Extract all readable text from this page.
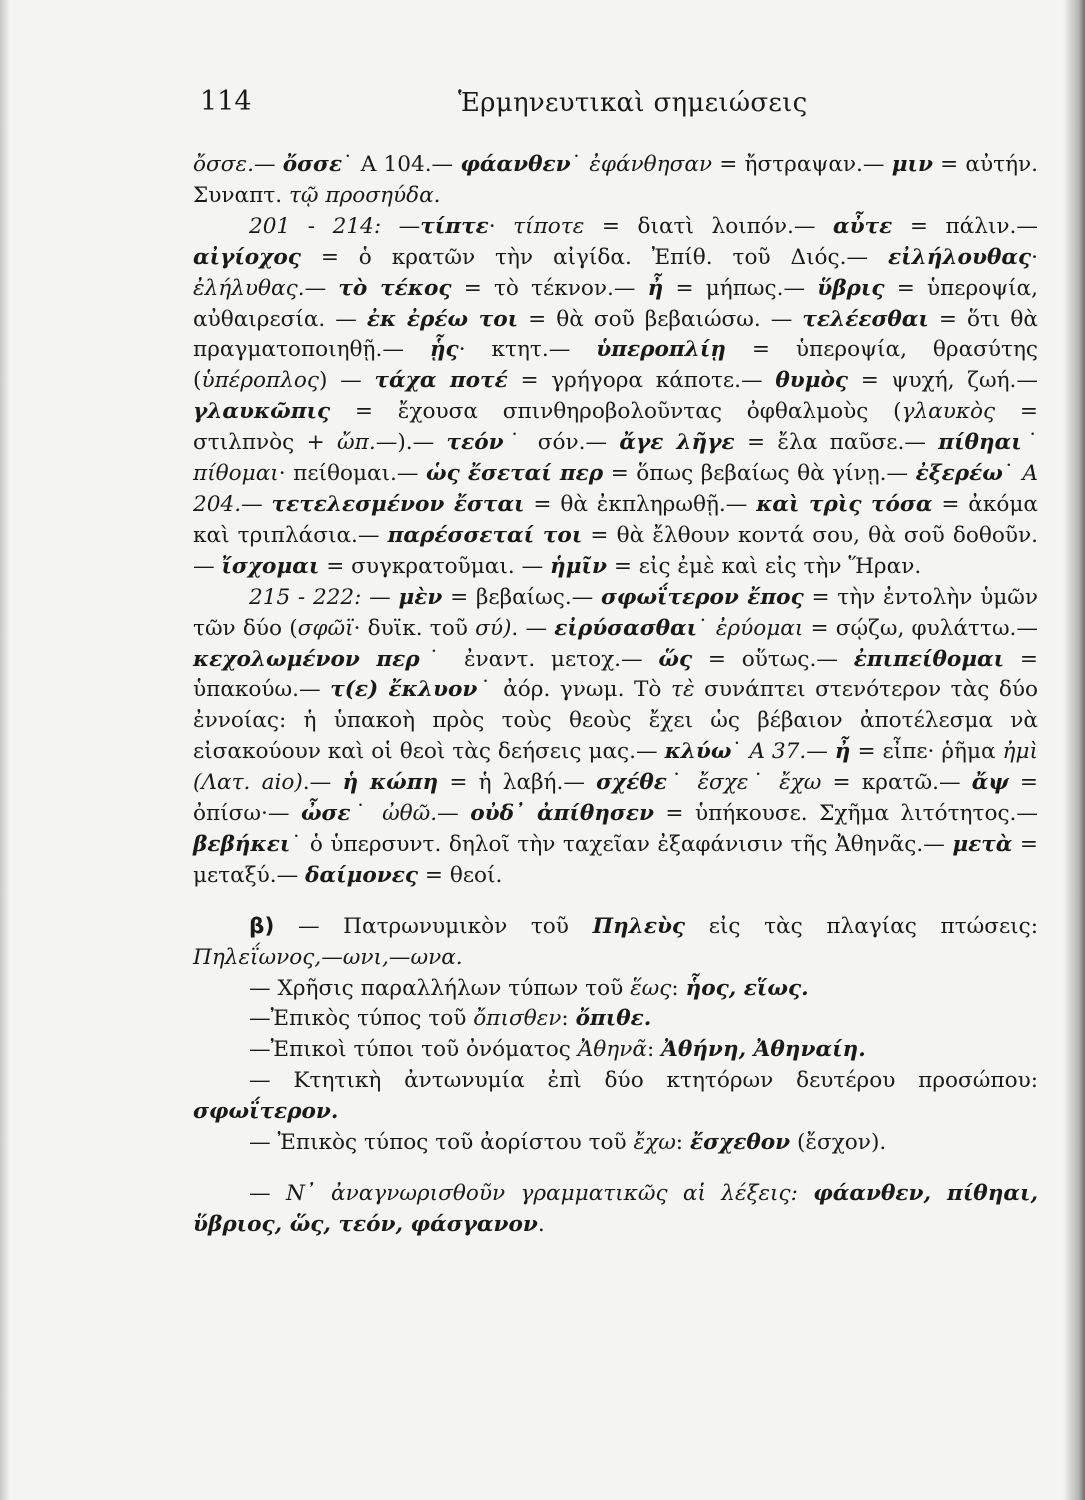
114	Ἑρμηνευτικαὶ σημειώσεις

ὄσσε.— ὄσσε˙ Α 104.— φάανθεν˙ ἐφάνθησαν = ἤστραψαν.— μιν = αὐτήν. Συναπτ. τῷ προσηύδα.

201 - 214: —τίπτε· τίποτε = διατὶ λοιπόν.— αὖτε = πάλιν.— αἰγίοχος = ὁ κρατῶν τὴν αἰγίδα. Ἐπίθ. τοῦ Διός.— εἰλήλουθας· ἐλήλυθας.— τὸ τέκος = τὸ τέκνον.— ἦ = μήπως.— ὕβρις = ὑπεροψία, αὐθαιρεσία. — ἐκ ἐρέω τοι = θὰ σοῦ βεβαιώσω. — τελέεσθαι = ὅτι θὰ πραγματοποιηθῇ.— ᾗς· κτητ.— ὑπεροπλίῃ = ὑπεροψία, θρασύτης (ὑπέροπλος) — τάχα ποτέ = γρήγορα κάποτε.— θυμὸς = ψυχή, ζωή.— γλαυκῶπις = ἔχουσα σπινθηροβολοῦντας ὀφθαλμοὺς (γλαυκὸς = στιλπνὸς + ὤπ.—).— τεόν˙ σόν.— ἄγε λῆγε = ἔλα παῦσε.— πίθηαι˙ πίθομαι· πείθομαι.— ὡς ἔσεταί περ = ὅπως βεβαίως θὰ γίνῃ.— ἐξερέω˙ Α 204.— τετελεσμένον ἔσται = θὰ ἐκπληρωθῇ.— καὶ τρὶς τόσα = ἀκόμα καὶ τριπλάσια.— παρέσσεταί τοι = θὰ ἔλθουν κοντά σου, θὰ σοῦ δοθοῦν.— ἴσχομαι = συγκρατοῦμαι. — ἡμῖν = εἰς ἐμὲ καὶ εἰς τὴν Ἥραν.

215 - 222: — μὲν = βεβαίως.— σφωΐτερον ἔπος = τὴν ἐντολὴν ὑμῶν τῶν δύο (σφῶϊ· δυϊκ. τοῦ σύ). — εἰρύσασθαι˙ ἐρύομαι = σῴζω, φυλάττω.— κεχολωμένον περ˙ ἐναντ. μετοχ.— ὥς = οὕτως.— ἐπιπείθομαι = ὑπακούω.— τ(ε) ἔκλυον˙ ἀόρ. γνωμ. Τὸ τὲ συνάπτει στενότερον τὰς δύο ἐννοίας: ἡ ὑπακοὴ πρὸς τοὺς θεοὺς ἔχει ὡς βέβαιον ἀποτέλεσμα νὰ εἰσακούουν καὶ οἱ θεοὶ τὰς δεήσεις μας.— κλύω˙ Α 37.— ἦ = εἶπε· ῥῆμα ἠμὶ (Λατ. aio).— ἡ κώπη = ἡ λαβή.— σχέθε˙ ἔσχε˙ ἔχω = κρατῶ.— ἄψ = ὀπίσω·— ὦσε˙ ὠθῶ.— οὐδ᾽ ἀπίθησεν = ὑπήκουσε. Σχῆμα λιτότητος.— βεβήκει˙ ὁ ὑπερσυντ. δηλοῖ τὴν ταχεῖαν ἐξαφάνισιν τῆς Ἀθηνᾶς.— μετὰ = μεταξύ.— δαίμονες = θεοί.

β) — Πατρωνυμικὸν τοῦ Πηλεὺς εἰς τὰς πλαγίας πτώσεις: Πηλεΐωνος,—ωνι,—ωνα.

— Χρῆσις παραλλήλων τύπων τοῦ ἕως: ἧος, εἵως.

—Ἐπικὸς τύπος τοῦ ὄπισθεν: ὄπιθε.

—Ἐπικοὶ τύποι τοῦ ὀνόματος Ἀθηνᾶ: Ἀθήνη, Ἀθηναίη.

— Κτητικὴ ἀντωνυμία ἐπὶ δύο κτητόρων δευτέρου προσώπου: σφωΐτερον.

— Ἐπικὸς τύπος τοῦ ἀορίστου τοῦ ἔχω: ἔσχεθον (ἔσχον).

— Ν᾽ ἀναγνωρισθοῦν γραμματικῶς αἱ λέξεις: φάανθεν, πίθηαι, ὕβριος, ὥς, τεόν, φάσγανον.
